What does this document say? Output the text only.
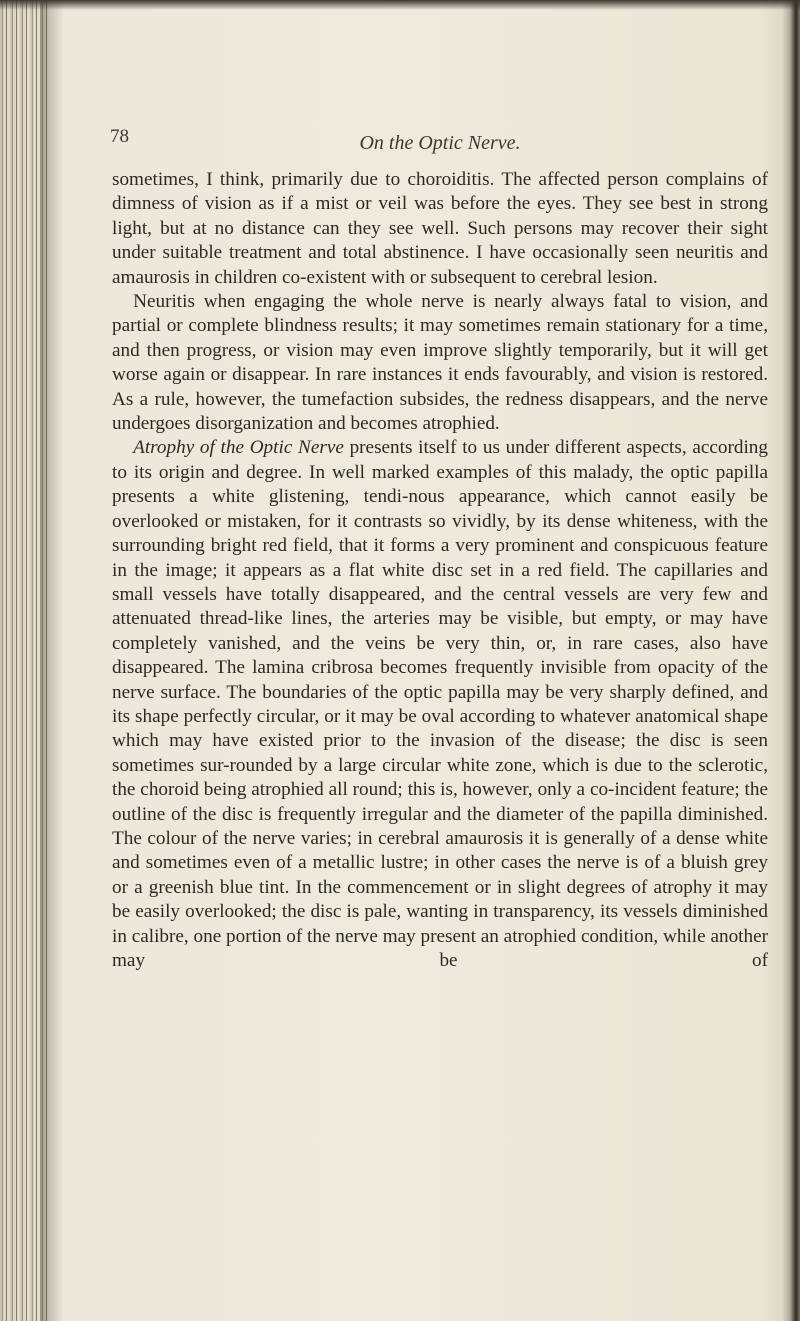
78	On the Optic Nerve.

sometimes, I think, primarily due to choroiditis. The affected person complains of dimness of vision as if a mist or veil was before the eyes. They see best in strong light, but at no distance can they see well. Such persons may recover their sight under suitable treatment and total abstinence. I have occasionally seen neuritis and amaurosis in children co-existent with or subsequent to cerebral lesion.

Neuritis when engaging the whole nerve is nearly always fatal to vision, and partial or complete blindness results; it may sometimes remain stationary for a time, and then progress, or vision may even improve slightly temporarily, but it will get worse again or disappear. In rare instances it ends favourably, and vision is restored. As a rule, however, the tumefaction subsides, the redness disappears, and the nerve undergoes disorganization and becomes atrophied.

Atrophy of the Optic Nerve presents itself to us under different aspects, according to its origin and degree. In well marked examples of this malady, the optic papilla presents a white glistening, tendi-nous appearance, which cannot easily be overlooked or mistaken, for it contrasts so vividly, by its dense whiteness, with the surrounding bright red field, that it forms a very prominent and conspicuous feature in the image; it appears as a flat white disc set in a red field. The capillaries and small vessels have totally disappeared, and the central vessels are very few and attenuated thread-like lines, the arteries may be visible, but empty, or may have completely vanished, and the veins be very thin, or, in rare cases, also have disappeared. The lamina cribrosa becomes frequently invisible from opacity of the nerve surface. The boundaries of the optic papilla may be very sharply defined, and its shape perfectly circular, or it may be oval according to whatever anatomical shape which may have existed prior to the invasion of the disease; the disc is seen sometimes sur-rounded by a large circular white zone, which is due to the sclerotic, the choroid being atrophied all round; this is, however, only a co-incident feature; the outline of the disc is frequently irregular and the diameter of the papilla diminished. The colour of the nerve varies; in cerebral amaurosis it is generally of a dense white and sometimes even of a metallic lustre; in other cases the nerve is of a bluish grey or a greenish blue tint. In the commencement or in slight degrees of atrophy it may be easily overlooked; the disc is pale, wanting in transparency, its vessels diminished in calibre, one portion of the nerve may present an atrophied condition, while another may be of
